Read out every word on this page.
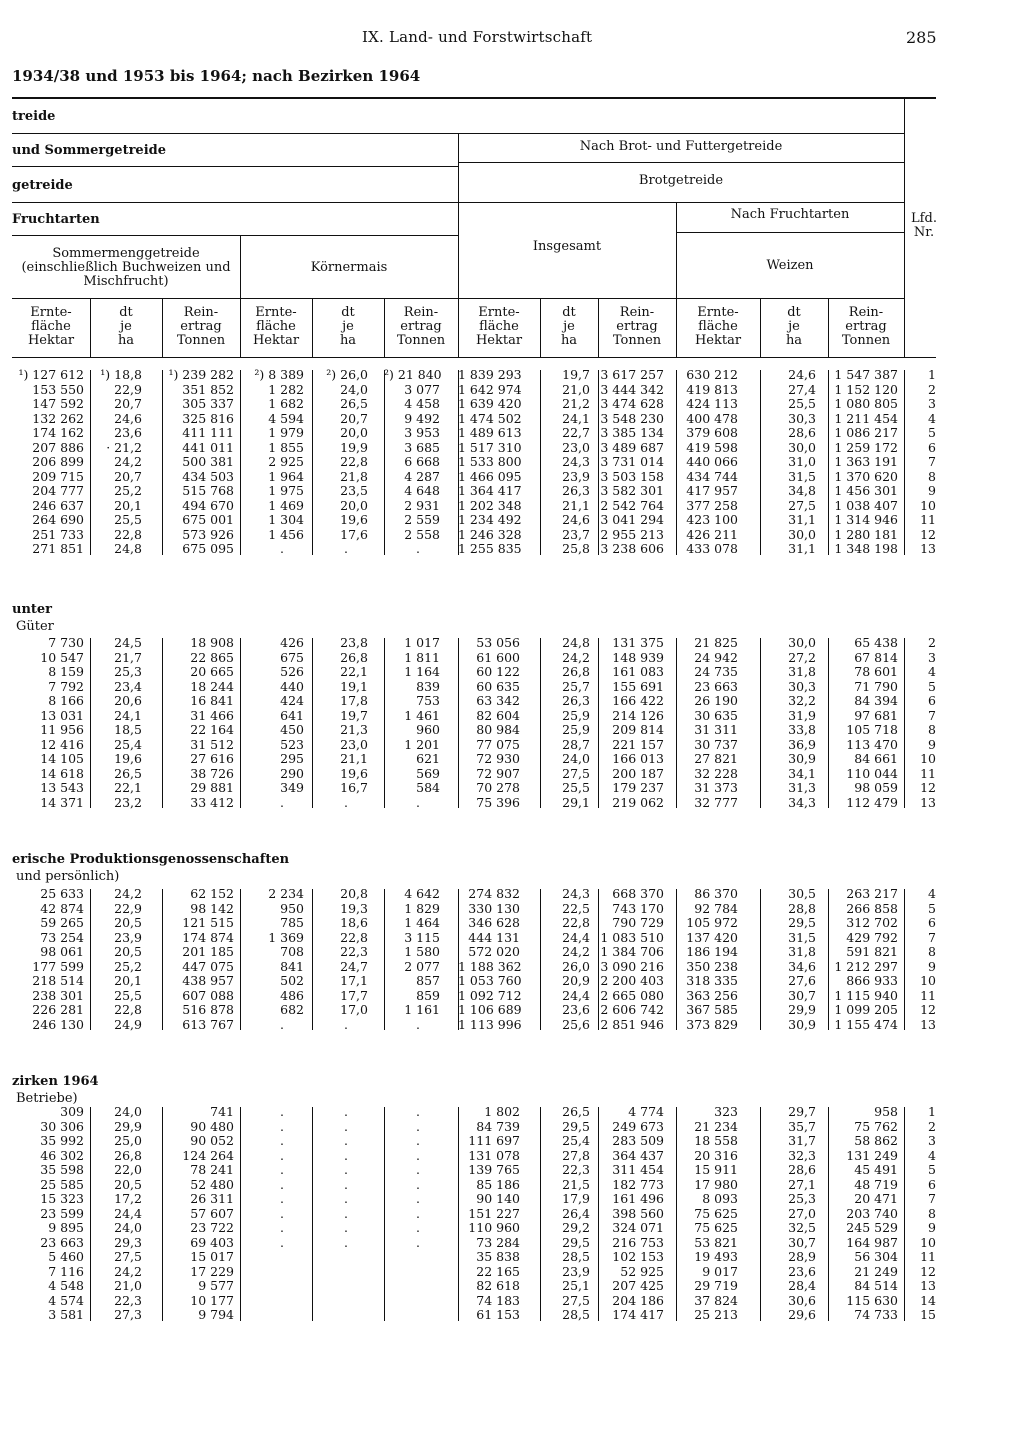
IX. Land- und Forstwirtschaft	285
1934/38 und 1953 bis 1964; nach Bezirken 1964
treide
und Sommergetreide
getreide
Fruchtarten
Nach Brot- und Futtergetreide
Brotgetreide
Nach Fruchtarten
Sommermenggetreide (einschließlich Buchweizen und Mischfrucht)
Körnermais
Insgesamt
Weizen
Lfd. Nr.
Ernte-
fläche
Hektar
dt
je
ha
Rein-
ertrag
Tonnen
Ernte-
fläche
Hektar
dt
je
ha
Rein-
ertrag
Tonnen
Ernte-
fläche
Hektar
dt
je
ha
Rein-
ertrag
Tonnen
Ernte-
fläche
Hektar
dt
je
ha
Rein-
ertrag
Tonnen
¹) 127 612
153 550
147 592
132 262
174 162
207 886
206 899
209 715
204 777
246 637
264 690
251 733
271 851
¹) 18,8
22,9
20,7
24,6
23,6
· 21,2
24,2
20,7
25,2
20,1
25,5
22,8
24,8
¹) 239 282
351 852
305 337
325 816
411 111
441 011
500 381
434 503
515 768
494 670
675 001
573 926
675 095
²) 8 389
1 282
1 682
4 594
1 979
1 855
2 925
1 964
1 975
1 469
1 304
1 456
.
²) 26,0
24,0
26,5
20,7
20,0
19,9
22,8
21,8
23,5
20,0
19,6
17,6
.
²) 21 840
3 077
4 458
9 492
3 953
3 685
6 668
4 287
4 648
2 931
2 559
2 558
.
1 839 293
1 642 974
1 639 420
1 474 502
1 489 613
1 517 310
1 533 800
1 466 095
1 364 417
1 202 348
1 234 492
1 246 328
1 255 835
19,7
21,0
21,2
24,1
22,7
23,0
24,3
23,9
26,3
21,1
24,6
23,7
25,8
3 617 257
3 444 342
3 474 628
3 548 230
3 385 134
3 489 687
3 731 014
3 503 158
3 582 301
2 542 764
3 041 294
2 955 213
3 238 606
630 212
419 813
424 113
400 478
379 608
419 598
440 066
434 744
417 957
377 258
423 100
426 211
433 078
24,6
27,4
25,5
30,3
28,6
30,0
31,0
31,5
34,8
27,5
31,1
30,0
31,1
1 547 387
1 152 120
1 080 805
1 211 454
1 086 217
1 259 172
1 363 191
1 370 620
1 456 301
1 038 407
1 314 946
1 280 181
1 348 198
1
2
3
4
5
6
7
8
9
10
11
12
13
unter
Güter
7 730
10 547
8 159
7 792
8 166
13 031
11 956
12 416
14 105
14 618
13 543
14 371
24,5
21,7
25,3
23,4
20,6
24,1
18,5
25,4
19,6
26,5
22,1
23,2
18 908
22 865
20 665
18 244
16 841
31 466
22 164
31 512
27 616
38 726
29 881
33 412
426
675
526
440
424
641
450
523
295
290
349
.
23,8
26,8
22,1
19,1
17,8
19,7
21,3
23,0
21,1
19,6
16,7
.
1 017
1 811
1 164
839
753
1 461
960
1 201
621
569
584
.
53 056
61 600
60 122
60 635
63 342
82 604
80 984
77 075
72 930
72 907
70 278
75 396
24,8
24,2
26,8
25,7
26,3
25,9
25,9
28,7
24,0
27,5
25,5
29,1
131 375
148 939
161 083
155 691
166 422
214 126
209 814
221 157
166 013
200 187
179 237
219 062
21 825
24 942
24 735
23 663
26 190
30 635
31 311
30 737
27 821
32 228
31 373
32 777
30,0
27,2
31,8
30,3
32,2
31,9
33,8
36,9
30,9
34,1
31,3
34,3
65 438
67 814
78 601
71 790
84 394
97 681
105 718
113 470
84 661
110 044
98 059
112 479
2
3
4
5
6
7
8
9
10
11
12
13
erische Produktionsgenossenschaften
und persönlich)
25 633
42 874
59 265
73 254
98 061
177 599
218 514
238 301
226 281
246 130
24,2
22,9
20,5
23,9
20,5
25,2
20,1
25,5
22,8
24,9
62 152
98 142
121 515
174 874
201 185
447 075
438 957
607 088
516 878
613 767
2 234
950
785
1 369
708
841
502
486
682
.
20,8
19,3
18,6
22,8
22,3
24,7
17,1
17,7
17,0
.
4 642
1 829
1 464
3 115
1 580
2 077
857
859
1 161
.
274 832
330 130
346 628
444 131
572 020
1 188 362
1 053 760
1 092 712
1 106 689
1 113 996
24,3
22,5
22,8
24,4
24,2
26,0
20,9
24,4
23,6
25,6
668 370
743 170
790 729
1 083 510
1 384 706
3 090 216
2 200 403
2 665 080
2 606 742
2 851 946
86 370
92 784
105 972
137 420
186 194
350 238
318 335
363 256
367 585
373 829
30,5
28,8
29,5
31,5
31,8
34,6
27,6
30,7
29,9
30,9
263 217
266 858
312 702
429 792
591 821
1 212 297
866 933
1 115 940
1 099 205
1 155 474
4
5
6
7
8
9
10
11
12
13
zirken 1964
Betriebe)
309
30 306
35 992
46 302
35 598
25 585
15 323
23 599
9 895
23 663
5 460
7 116
4 548
4 574
3 581
24,0
29,9
25,0
26,8
22,0
20,5
17,2
24,4
24,0
29,3
27,5
24,2
21,0
22,3
27,3
741
90 480
90 052
124 264
78 241
52 480
26 311
57 607
23 722
69 403
15 017
17 229
9 577
10 177
9 794
.
.
.
.
.
.
.
.
.
.
.
.
.
.
.
.
.
.
.
.
.
.
.
.
.
.
.
.
.
.
1 802
84 739
111 697
131 078
139 765
85 186
90 140
151 227
110 960
73 284
35 838
22 165
82 618
74 183
61 153
26,5
29,5
25,4
27,8
22,3
21,5
17,9
26,4
29,2
29,5
28,5
23,9
25,1
27,5
28,5
4 774
249 673
283 509
364 437
311 454
182 773
161 496
398 560
324 071
216 753
102 153
52 925
207 425
204 186
174 417
323
21 234
18 558
20 316
15 911
17 980
8 093
75 625
75 625
53 821
19 493
9 017
29 719
37 824
25 213
29,7
35,7
31,7
32,3
28,6
27,1
25,3
27,0
32,5
30,7
28,9
23,6
28,4
30,6
29,6
958
75 762
58 862
131 249
45 491
48 719
20 471
203 740
245 529
164 987
56 304
21 249
84 514
115 630
74 733
1
2
3
4
5
6
7
8
9
10
11
12
13
14
15
